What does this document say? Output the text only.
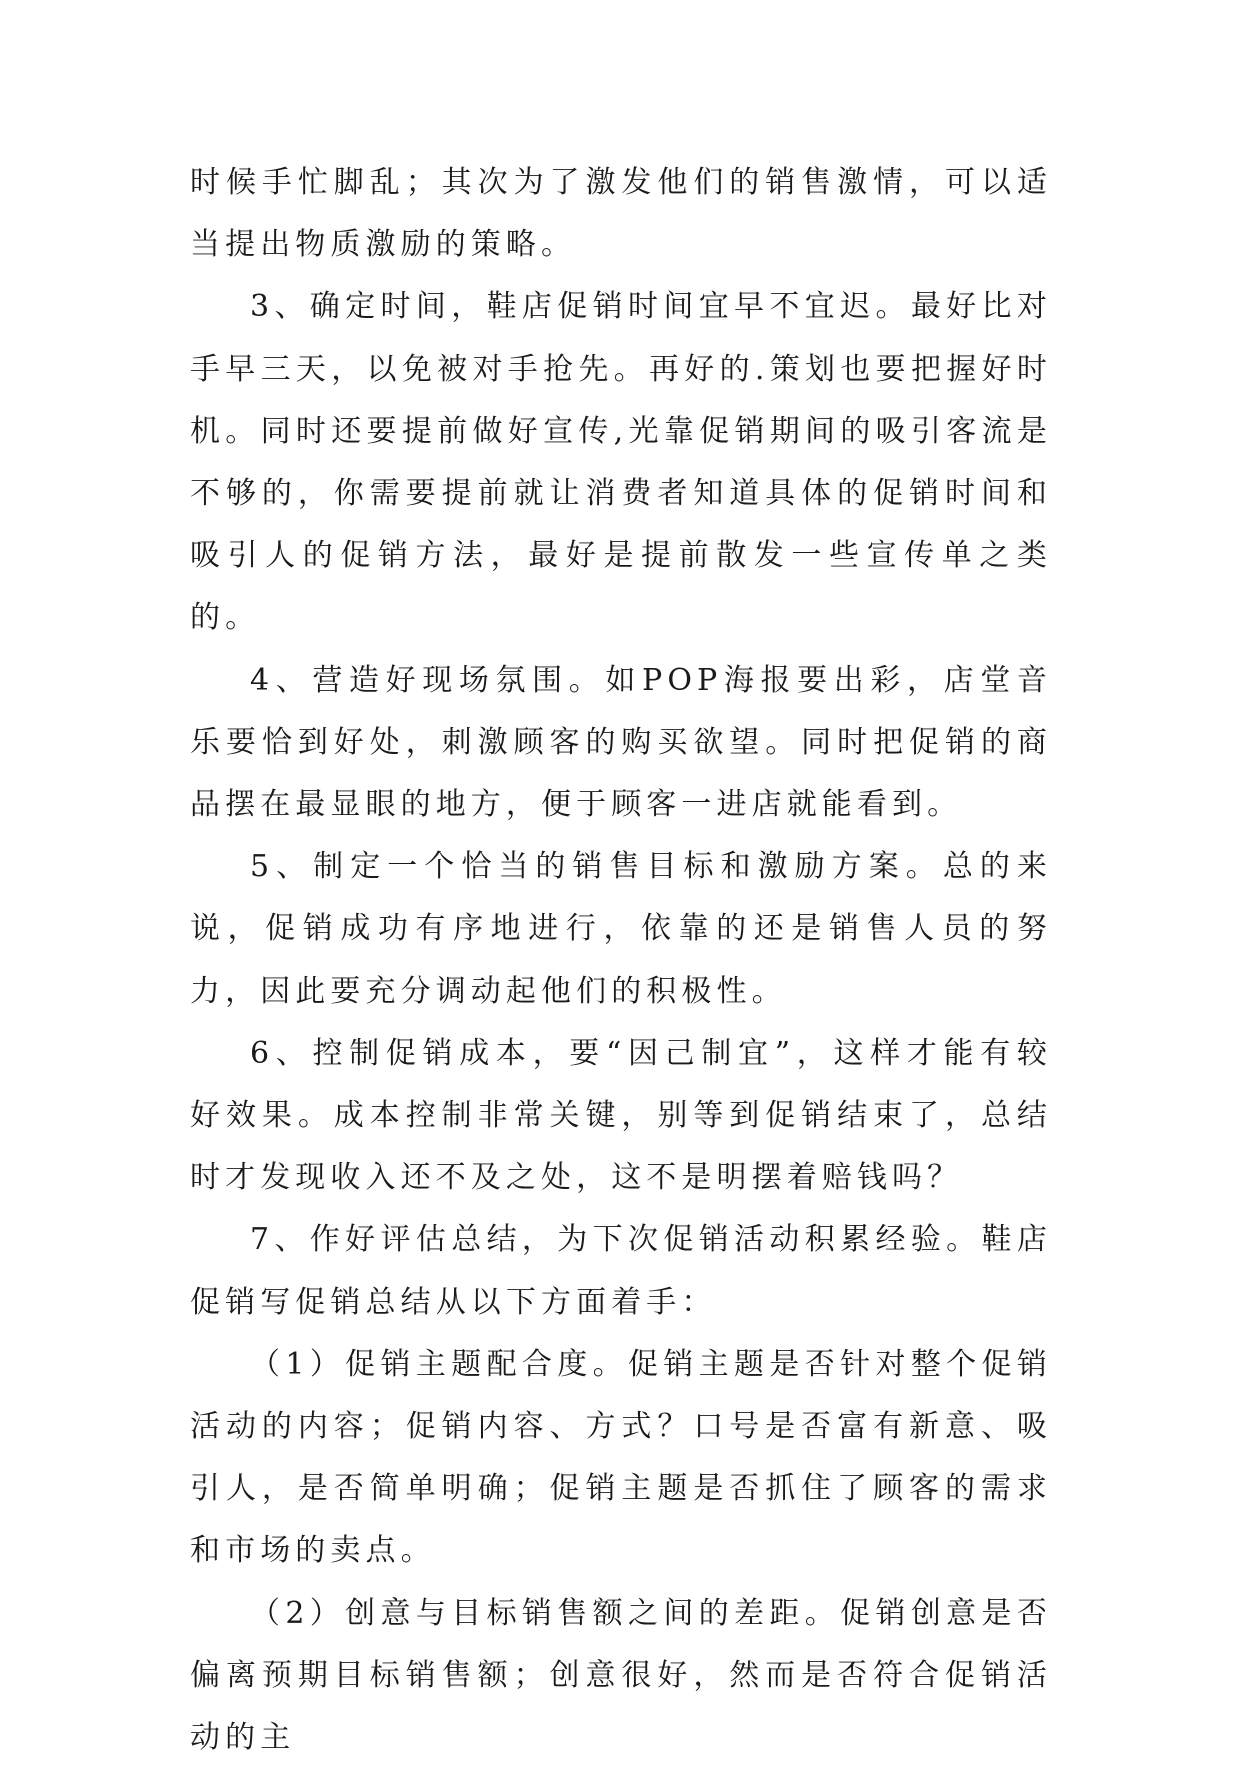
时候手忙脚乱；其次为了激发他们的销售激情，可以适当提出物质激励的策略。

3、确定时间，鞋店促销时间宜早不宜迟。最好比对手早三天，以免被对手抢先。再好的.策划也要把握好时机。同时还要提前做好宣传,光靠促销期间的吸引客流是不够的，你需要提前就让消费者知道具体的促销时间和吸引人的促销方法，最好是提前散发一些宣传单之类的。

4、营造好现场氛围。如POP海报要出彩，店堂音乐要恰到好处，刺激顾客的购买欲望。同时把促销的商品摆在最显眼的地方，便于顾客一进店就能看到。

5、制定一个恰当的销售目标和激励方案。总的来说，促销成功有序地进行，依靠的还是销售人员的努力，因此要充分调动起他们的积极性。

6、控制促销成本，要“因己制宜”，这样才能有较好效果。成本控制非常关键，别等到促销结束了，总结时才发现收入还不及之处，这不是明摆着赔钱吗？

7、作好评估总结，为下次促销活动积累经验。鞋店促销写促销总结从以下方面着手：

（1）促销主题配合度。促销主题是否针对整个促销活动的内容；促销内容、方式？口号是否富有新意、吸引人，是否简单明确；促销主题是否抓住了顾客的需求和市场的卖点。

（2）创意与目标销售额之间的差距。促销创意是否偏离预期目标销售额；创意很好，然而是否符合促销活动的主
